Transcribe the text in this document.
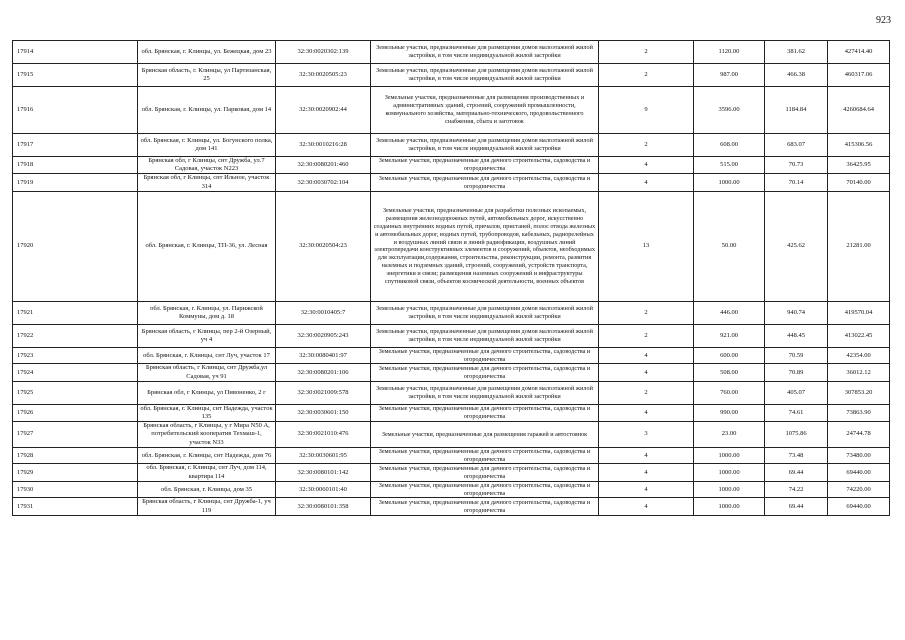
923
17914	обл. Брянская, г. Клинцы, ул. Бежецкая, дом 23	32:30:0020302:139	Земельные участки, предназначенные для размещения домов малоэтажной жилой застройки, в том числе индивидуальной жилой застройки	2	1120.00	381.62	427414.40
17915	Брянская область, г. Клинцы, ул Партизанская, 25	32:30:0020505:23	Земельные участки, предназначенные для размещения домов малоэтажной жилой застройки, в том числе индивидуальной жилой застройки	2	987.00	466.38	460317.06
17916	обл. Брянская, г. Клинцы, ул. Парковая, дом 14	32:30:0020902:44	Земельные участки, предназначенные для размещения производственных и административных зданий, строений, сооружений промышленности, коммунального хозяйства, материально-технического, продовольственного снабжения, сбыта и заготовок	9	3596.00	1184.84	4260684.64
17917	обл. Брянская, г. Клинцы, ул. Богунского полка, дом 141	32:30:0010216:28	Земельные участки, предназначенные для размещения домов малоэтажной жилой застройки, в том числе индивидуальной жилой застройки	2	608.00	683.07	415306.56
17918	Брянская обл, г Клинцы, снт Дружба, ул.7 Садовая, участок N223	32:30:0080201:460	Земельные участки, предназначенные для дачного строительства, садоводства и огородничества	4	515.00	70.73	36425.95
17919	Брянская обл, г Клинцы, снт Ильное, участок 314	32:30:0030702:104	Земельные участки, предназначенные для дачного строительства, садоводства и огородничества	4	1000.00	70.14	70140.00
17920	обл. Брянская, г. Клинцы, ТП-36, ул. Лесная	32:30:0020504:23	Земельные участки, предназначенные для разработки полезных ископаемых, размещения железнодорожных путей, автомобильных дорог, искусственно созданных внутренних водных путей, причалов, пристаней, полос отвода железных и автомобильных дорог, водных путей, трубопроводов, кабельных, радиорелейных и воздушных линий связи и линий радиофикации, воздушных линий электропередачи конструктивных элементов и сооружений, объектов, необходимых для эксплуатации,содержания, строительства, реконструкции, ремонта, развития наземных и подземных зданий, строений, сооружений, устройств транспорта, энергетики и связи; размещения наземных сооружений и инфраструктуры спутниковой связи, объектов космической деятельности, военных объектов	13	50.00	425.62	21281.00
17921	обл. Брянская, г. Клинцы, ул. Парижской Коммуны, дом д. 18	32:30:0010405:7	Земельные участки, предназначенные для размещения домов малоэтажной жилой застройки, в том числе индивидуальной жилой застройки	2	446.00	940.74	419570.04
17922	Брянская область, г Клинцы, пер 2-й Озерный, уч 4	32:30:0020905:243	Земельные участки, предназначенные для размещения домов малоэтажной жилой застройки, в том числе индивидуальной жилой застройки	2	921.00	448.45	413022.45
17923	обл. Брянская, г. Клинцы, снт Луч, участок 17	32:30:0080401:97	Земельные участки, предназначенные для дачного строительства, садоводства и огородничества	4	600.00	70.59	42354.00
17924	Брянская область, г Клинцы, снт Дружба,ул Садовая, уч 91	32:30:0080201:106	Земельные участки, предназначенные для дачного строительства, садоводства и огородничества	4	508.00	70.89	36012.12
17925	Брянская обл, г Клинцы, ул Пивоненко, 2 г	32:30:0021009:578	Земельные участки, предназначенные для размещения домов малоэтажной жилой застройки, в том числе индивидуальной жилой застройки	2	760.00	405.07	307853.20
17926	обл. Брянская, г. Клинцы, снт Надежда, участок 135	32:30:0030601:150	Земельные участки, предназначенные для дачного строительства, садоводства и огородничества	4	990.00	74.61	73863.90
17927	Брянская область, г Клинцы, у г Мира N50 А, потребительский кооператив Техмаш-1, участок N33	32:30:0021010:476	Земельные участки, предназначенные для размещения гаражей и автостоянок	3	23.00	1075.86	24744.78
17928	обл. Брянская, г. Клинцы, снт Надежда, дом 76	32:30:0030601:95	Земельные участки, предназначенные для дачного строительства, садоводства и огородничества	4	1000.00	73.48	73480.00
17929	обл. Брянская, г. Клинцы, снт Луч, дом 114, квартира 114	32:30:0080101:142	Земельные участки, предназначенные для дачного строительства, садоводства и огородничества	4	1000.00	69.44	69440.00
17930	обл. Брянская, г. Клинцы, дом 35	32:30:0060101:40	Земельные участки, предназначенные для дачного строительства, садоводства и огородничества	4	1000.00	74.22	74220.00
17931	Брянская область, г Клинцы, снт Дружба-1, уч 119	32:30:0080101:358	Земельные участки, предназначенные для дачного строительства, садоводства и огородничества	4	1000.00	69.44	69440.00
